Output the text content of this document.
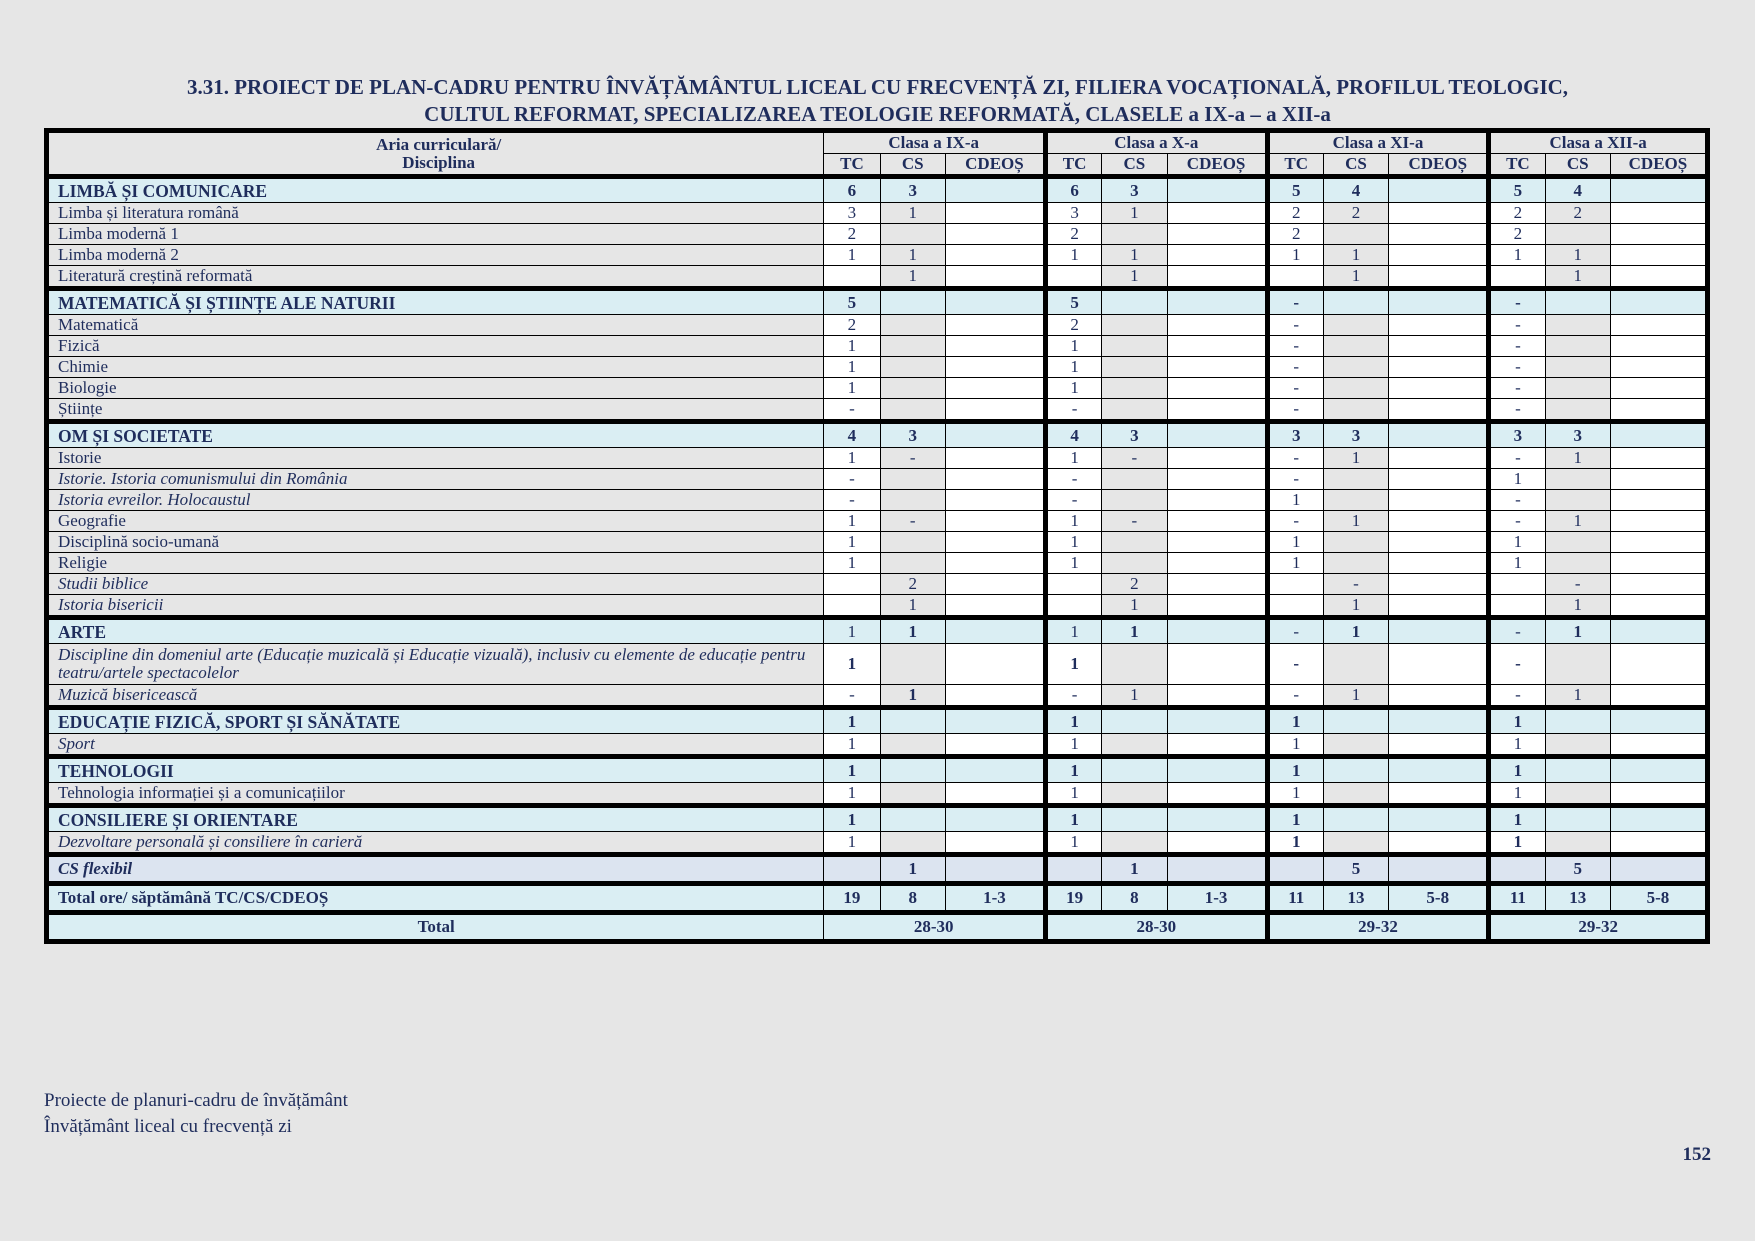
3.31. PROIECT DE PLAN-CADRU PENTRU ÎNVĂȚĂMÂNTUL LICEAL CU FRECVENȚĂ ZI, FILIERA VOCAȚIONALĂ, PROFILUL TEOLOGIC,
CULTUL REFORMAT, SPECIALIZAREA TEOLOGIE REFORMATĂ, CLASELE a IX-a – a XII-a
Aria curriculară/
Disciplina	Clasa a IX-a			Clasa a X-a			Clasa a XI-a			Clasa a XII-a		
	TC	CS	CDEOȘ	TC	CS	CDEOȘ	TC	CS	CDEOȘ	TC	CS	CDEOȘ
LIMBĂ ȘI COMUNICARE	6	3		6	3		5	4		5	4	
Limba și literatura română	3	1		3	1		2	2		2	2	
Limba modernă 1	2			2			2			2		
Limba modernă 2	1	1		1	1		1	1		1	1	
Literatură creștină reformată		1			1			1			1	
MATEMATICĂ ȘI ȘTIINȚE ALE NATURII	5			5			-			-		
Matematică	2			2			-			-		
Fizică	1			1			-			-		
Chimie	1			1			-			-		
Biologie	1			1			-			-		
Științe	-			-			-			-		
OM ȘI SOCIETATE	4	3		4	3		3	3		3	3	
Istorie	1	-		1	-		-	1		-	1	
Istorie. Istoria comunismului din România	-			-			-			1		
Istoria evreilor. Holocaustul	-			-			1			-		
Geografie	1	-		1	-		-	1		-	1	
Disciplină socio-umană	1			1			1			1		
Religie	1			1			1			1		
Studii biblice		2			2			-			-	
Istoria bisericii		1			1			1			1	
ARTE	1	1		1	1		-	1		-	1	
Discipline din domeniul arte (Educație muzicală și Educație vizuală), inclusiv cu elemente de educație pentru teatru/artele spectacolelor	1			1			-			-		
Muzică bisericească	-	1		-	1		-	1		-	1	
EDUCAȚIE FIZICĂ, SPORT ȘI SĂNĂTATE	1			1			1			1		
Sport	1			1			1			1		
TEHNOLOGII	1			1			1			1		
Tehnologia informației și a comunicațiilor	1			1			1			1		
CONSILIERE ȘI ORIENTARE	1			1			1			1		
Dezvoltare personală și consiliere în carieră	1			1			1			1		
CS flexibil		1			1			5			5	
Total ore/ săptămână TC/CS/CDEOȘ	19	8	1-3	19	8	1-3	11	13	5-8	11	13	5-8
Total	28-30			28-30			29-32			29-32		
Proiecte de planuri-cadru de învățământ
Învățământ liceal cu frecvență zi
152
